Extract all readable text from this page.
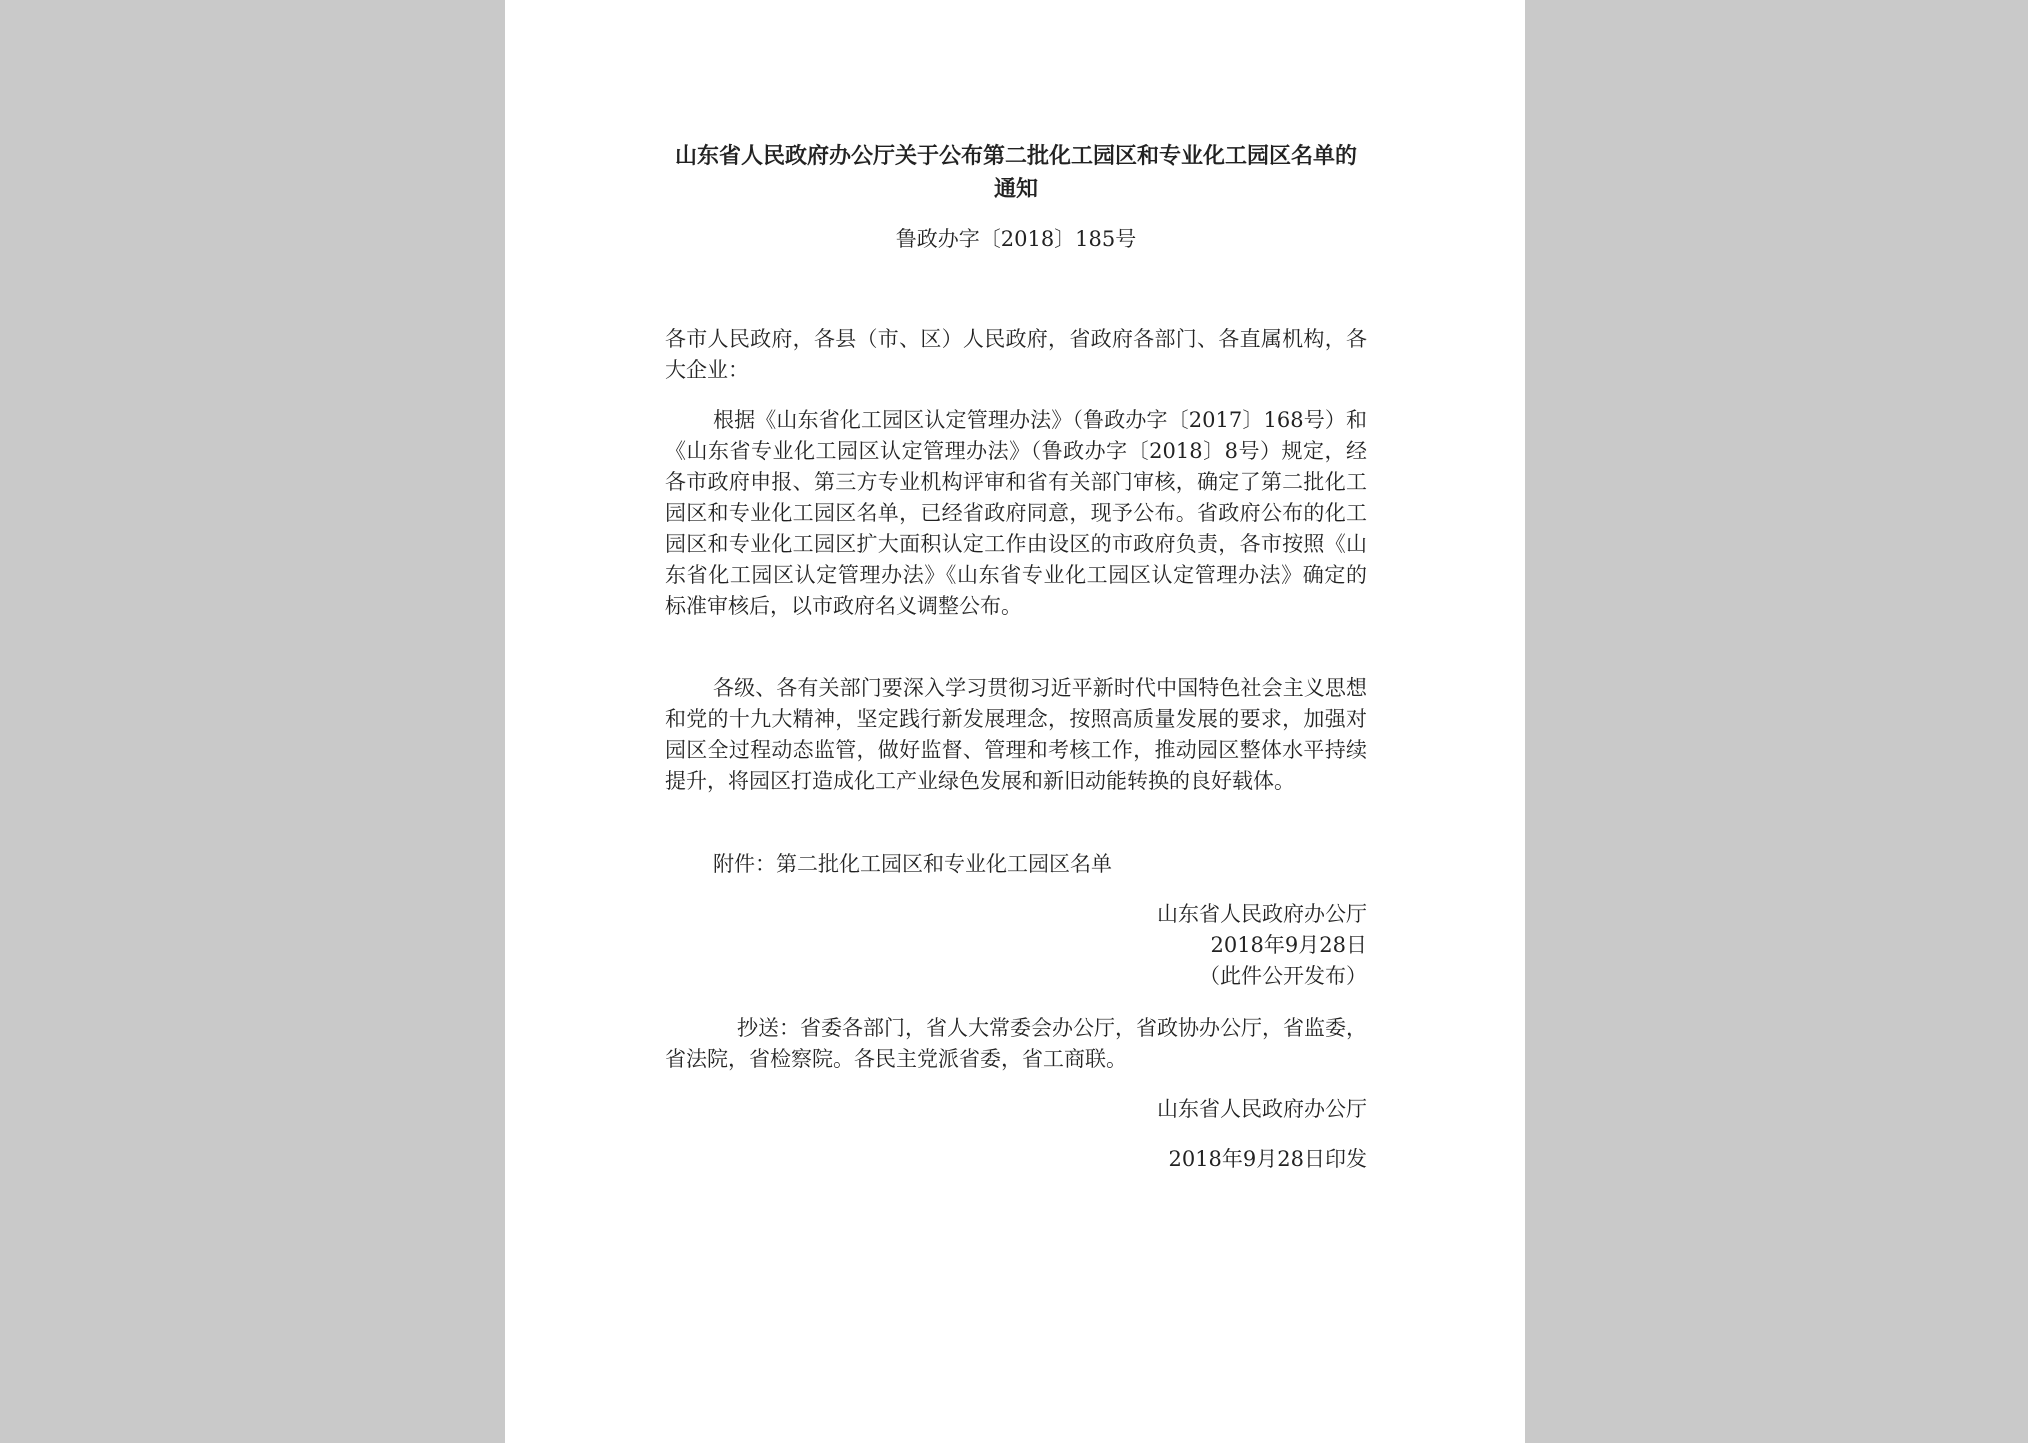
山东省人民政府办公厅关于公布第二批化工园区和专业化工园区名单的通知

鲁政办字〔2018〕185号

各市人民政府，各县（市、区）人民政府，省政府各部门、各直属机构，各大企业：

根据《山东省化工园区认定管理办法》（鲁政办字〔2017〕168号）和《山东省专业化工园区认定管理办法》（鲁政办字〔2018〕8号）规定，经各市政府申报、第三方专业机构评审和省有关部门审核，确定了第二批化工园区和专业化工园区名单，已经省政府同意，现予公布。省政府公布的化工园区和专业化工园区扩大面积认定工作由设区的市政府负责，各市按照《山东省化工园区认定管理办法》《山东省专业化工园区认定管理办法》确定的标准审核后，以市政府名义调整公布。

各级、各有关部门要深入学习贯彻习近平新时代中国特色社会主义思想和党的十九大精神，坚定践行新发展理念，按照高质量发展的要求，加强对园区全过程动态监管，做好监督、管理和考核工作，推动园区整体水平持续提升，将园区打造成化工产业绿色发展和新旧动能转换的良好载体。

附件：第二批化工园区和专业化工园区名单

山东省人民政府办公厅

2018年9月28日

（此件公开发布）

抄送：省委各部门，省人大常委会办公厅，省政协办公厅，省监委，省法院，省检察院。各民主党派省委，省工商联。

山东省人民政府办公厅

2018年9月28日印发
